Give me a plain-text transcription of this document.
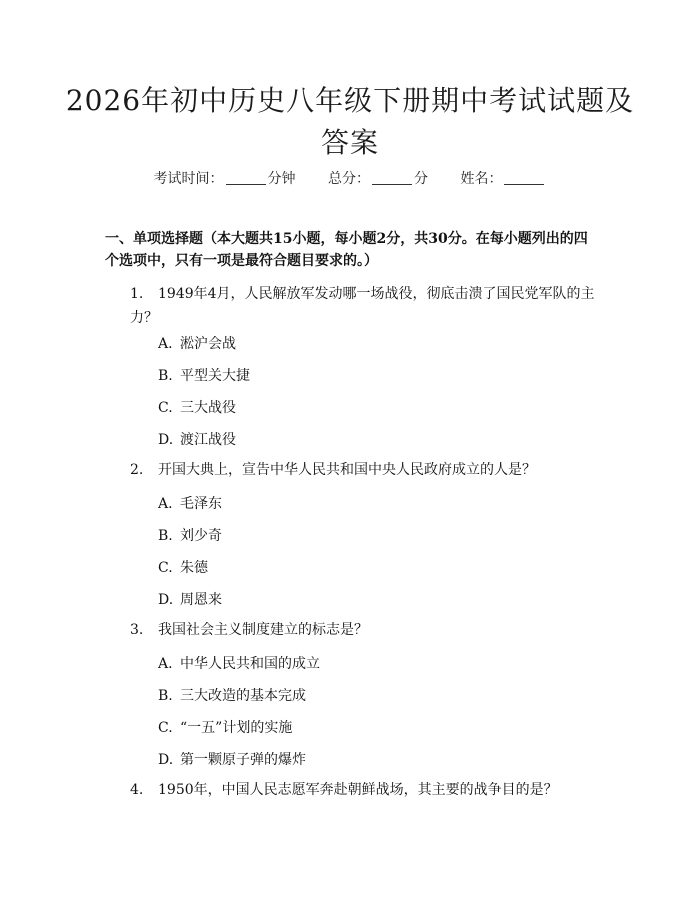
2026年初中历史八年级下册期中考试试题及答案
考试时间：	分钟 总分：	分 姓名：
一、单项选择题（本大题共15小题，每小题2分，共30分。在每小题列出的四个选项中，只有一项是最符合题目要求的。）
1. 1949年4月，人民解放军发动哪一场战役，彻底击溃了国民党军队的主力？
A. 淞沪会战
B. 平型关大捷
C. 三大战役
D. 渡江战役
2. 开国大典上，宣告中华人民共和国中央人民政府成立的人是？
A. 毛泽东
B. 刘少奇
C. 朱德
D. 周恩来
3. 我国社会主义制度建立的标志是？
A. 中华人民共和国的成立
B. 三大改造的基本完成
C. “一五”计划的实施
D. 第一颗原子弹的爆炸
4. 1950年，中国人民志愿军奔赴朝鲜战场，其主要的战争目的是？
